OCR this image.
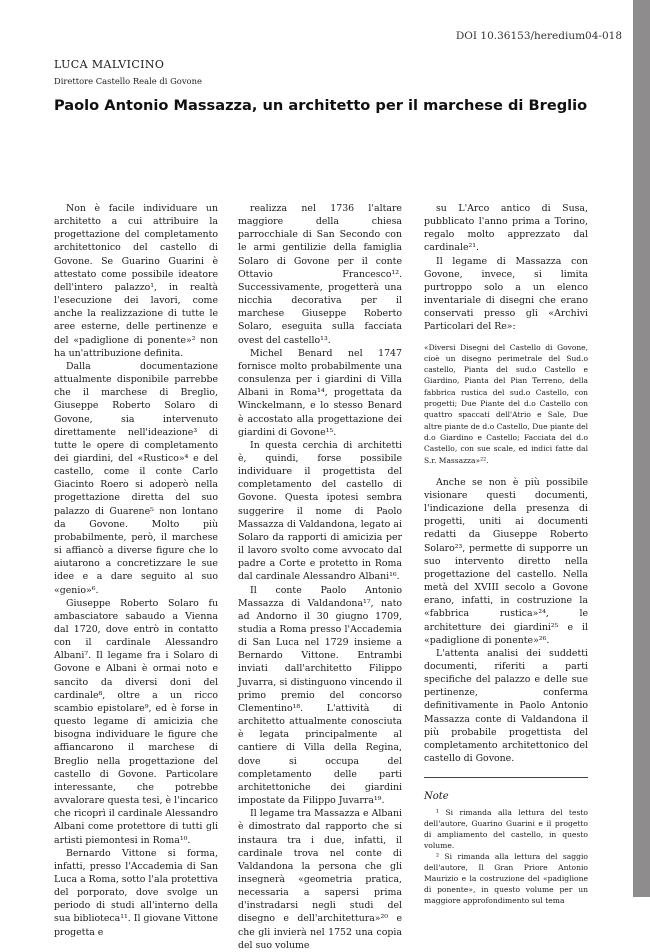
DOI 10.36153/heredium04-018
LUCA MALVICINO
Direttore Castello Reale di Govone
Paolo Antonio Massazza, un architetto per il marchese di Breglio

Non è facile individuare un architetto a cui attribuire la progettazione del completamento architettonico del castello di Govone. Se Guarino Guarini è attestato come possibile ideatore dell'intero palazzo¹, in realtà l'esecuzione dei lavori, come anche la realizzazione di tutte le aree esterne, delle pertinenze e del «padiglione di ponente»² non ha un'attribuzione definita.

Dalla documentazione attualmente disponibile parrebbe che il marchese di Breglio, Giuseppe Roberto Solaro di Govone, sia intervenuto direttamente nell'ideazione³ di tutte le opere di completamento dei giardini, del «Rustico»⁴ e del castello, come il conte Carlo Giacinto Roero si adoperò nella progettazione diretta del suo palazzo di Guarene⁵ non lontano da Govone. Molto più probabilmente, però, il marchese si affiancò a diverse figure che lo aiutarono a concretizzare le sue idee e a dare seguito al suo «genio»⁶.

Giuseppe Roberto Solaro fu ambasciatore sabaudo a Vienna dal 1720, dove entrò in contatto con il cardinale Alessandro Albani⁷. Il legame fra i Solaro di Govone e Albani è ormai noto e sancito da diversi doni del cardinale⁸, oltre a un ricco scambio epistolare⁹, ed è forse in questo legame di amicizia che bisogna individuare le figure che affiancarono il marchese di Breglio nella progettazione del castello di Govone. Particolare interessante, che potrebbe avvalorare questa tesi, è l'incarico che ricoprì il cardinale Alessandro Albani come protettore di tutti gli artisti piemontesi in Roma¹⁰.

Bernardo Vittone si forma, infatti, presso l'Accademia di San Luca a Roma, sotto l'ala protettiva del porporato, dove svolge un periodo di studi all'interno della sua biblioteca¹¹. Il giovane Vittone progetta e

realizza nel 1736 l'altare maggiore della chiesa parrocchiale di San Secondo con le armi gentilizie della famiglia Solaro di Govone per il conte Ottavio Francesco¹². Successivamente, progetterà una nicchia decorativa per il marchese Giuseppe Roberto Solaro, eseguita sulla facciata ovest del castello¹³.

Michel Benard nel 1747 fornisce molto probabilmente una consulenza per i giardini di Villa Albani in Roma¹⁴, progettata da Winckelmann, e lo stesso Benard è accostato alla progettazione dei giardini di Govone¹⁵.

In questa cerchia di architetti è, quindi, forse possibile individuare il progettista del completamento del castello di Govone. Questa ipotesi sembra suggerire il nome di Paolo Massazza di Valdandona, legato ai Solaro da rapporti di amicizia per il lavoro svolto come avvocato dal padre a Corte e protetto in Roma dal cardinale Alessandro Albani¹⁶.

Il conte Paolo Antonio Massazza di Valdandona¹⁷, nato ad Andorno il 30 giugno 1709, studia a Roma presso l'Accademia di San Luca nel 1729 insieme a Bernardo Vittone. Entrambi inviati dall'architetto Filippo Juvarra, si distinguono vincendo il primo premio del concorso Clementino¹⁸. L'attività di architetto attualmente conosciuta è legata principalmente al cantiere di Villa della Regina, dove si occupa del completamento delle parti architettoniche dei giardini impostate da Filippo Juvarra¹⁹.

Il legame tra Massazza e Albani è dimostrato dal rapporto che si instaura tra i due, infatti, il cardinale trova nel conte di Valdandona la persona che gli insegnerà «geometria pratica, necessaria a sapersi prima d'instradarsi negli studi del disegno e dell'architettura»²⁰ e che gli invierà nel 1752 una copia del suo volume

su L'Arco antico di Susa, pubblicato l'anno prima a Torino, regalo molto apprezzato dal cardinale²¹.

Il legame di Massazza con Govone, invece, si limita purtroppo solo a un elenco inventariale di disegni che erano conservati presso gli «Archivi Particolari del Re»:

«Diversi Disegni del Castello di Govone, cioè un disegno perimetrale del Sud.o castello, Pianta del sud.o Castello e Giardino, Pianta del Pian Terreno, della fabbrica rustica del sud.o Castello, con progetti; Due Piante del d.o Castello con quattro spaccati dell'Atrio e Sale, Due altre piante de d.o Castello, Due piante del d.o Giardino e Castello; Facciata del d.o Castello, con sue scale, ed indici fatte dal S.r. Massazza»²².

Anche se non è più possibile visionare questi documenti, l'indicazione della presenza di progetti, uniti ai documenti redatti da Giuseppe Roberto Solaro²³, permette di supporre un suo intervento diretto nella progettazione del castello. Nella metà del XVIII secolo a Govone erano, infatti, in costruzione la «fabbrica rustica»²⁴, le architetture dei giardini²⁵ e il «padiglione di ponente»²⁶.

L'attenta analisi dei suddetti documenti, riferiti a parti specifiche del palazzo e delle sue pertinenze, conferma definitivamente in Paolo Antonio Massazza conte di Valdandona il più probabile progettista del completamento architettonico del castello di Govone.

Note

¹ Si rimanda alla lettura del testo dell'autore, Guarino Guarini e il progetto di ampliamento del castello, in questo volume.

² Si rimanda alla lettura del saggio dell'autore, Il Gran Priore Antonio Maurizio e la costruzione del «padiglione di ponente», in questo volume per un maggiore approfondimento sul tema
